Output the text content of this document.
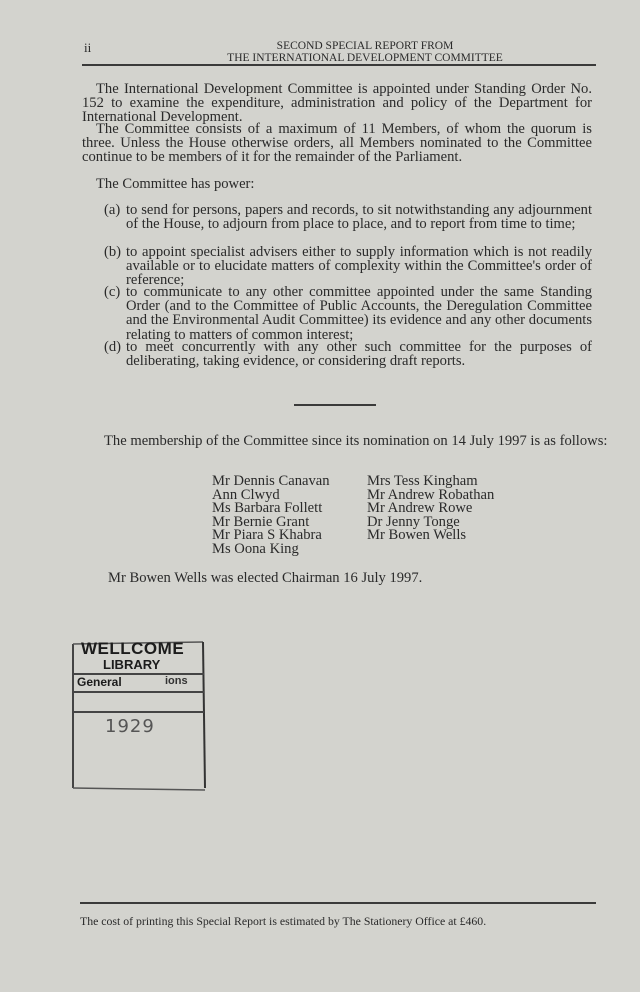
ii	SECOND SPECIAL REPORT FROM
THE INTERNATIONAL DEVELOPMENT COMMITTEE
The International Development Committee is appointed under Standing Order No. 152 to examine the expenditure, administration and policy of the Department for International Development.
The Committee consists of a maximum of 11 Members, of whom the quorum is three. Unless the House otherwise orders, all Members nominated to the Committee continue to be members of it for the remainder of the Parliament.
The Committee has power:
(a) to send for persons, papers and records, to sit notwithstanding any adjournment of the House, to adjourn from place to place, and to report from time to time;
(b) to appoint specialist advisers either to supply information which is not readily available or to elucidate matters of complexity within the Committee's order of reference;
(c) to communicate to any other committee appointed under the same Standing Order (and to the Committee of Public Accounts, the Deregulation Committee and the Environmental Audit Committee) its evidence and any other documents relating to matters of common interest;
(d) to meet concurrently with any other such committee for the purposes of deliberating, taking evidence, or considering draft reports.
The membership of the Committee since its nomination on 14 July 1997 is as follows:
Mr Dennis Canavan
Ann Clwyd
Ms Barbara Follett
Mr Bernie Grant
Mr Piara S Khabra
Ms Oona King
Mrs Tess Kingham
Mr Andrew Robathan
Mr Andrew Rowe
Dr Jenny Tonge
Mr Bowen Wells
Mr Bowen Wells was elected Chairman 16 July 1997.
WELLCOME
LIBRARY
General	ions
1929
The cost of printing this Special Report is estimated by The Stationery Office at £460.
